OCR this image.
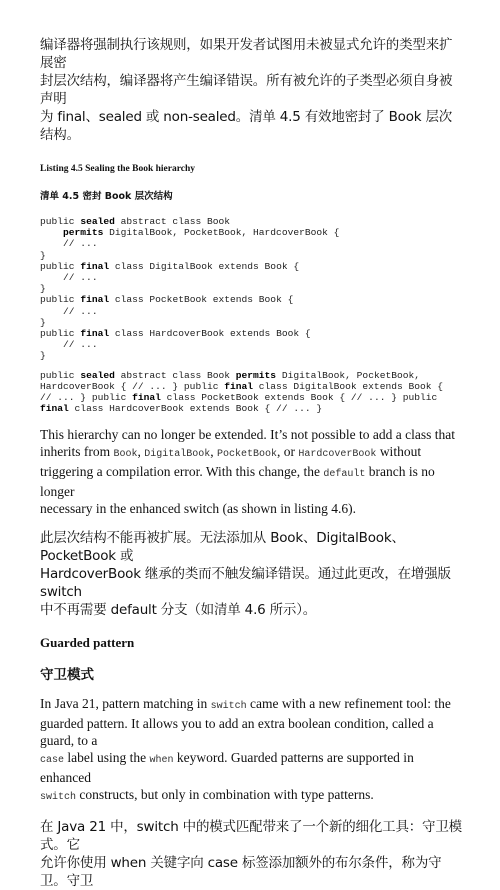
编译器将强制执行该规则，如果开发者试图用未被显式允许的类型来扩展密

封层次结构，编译器将产生编译错误。所有被允许的子类型必须自身被声明

为 final、sealed 或 non-sealed。清单 4.5 有效地密封了 Book 层次结构。

Listing 4.5 Sealing the Book hierarchy

清单 4.5 密封 Book 层次结构

public sealed abstract class Book
permits DigitalBook, PocketBook, HardcoverBook {
// ...
}
public final class DigitalBook extends Book {
// ...
}
public final class PocketBook extends Book {
// ...
}
public final class HardcoverBook extends Book {
// ...
}
public sealed abstract class Book permits DigitalBook, PocketBook,
HardcoverBook { // ... } public final class DigitalBook extends Book {
// ... } public final class PocketBook extends Book { // ... } public
final class HardcoverBook extends Book { // ... }

This hierarchy can no longer be extended. It’s not possible to add a class that

inherits from Book, DigitalBook, PocketBook, or HardcoverBook without

triggering a compilation error. With this change, the default branch is no longer

necessary in the enhanced switch (as shown in listing 4.6).

此层次结构不能再被扩展。无法添加从 Book、DigitalBook、PocketBook 或

HardcoverBook 继承的类而不触发编译错误。通过此更改，在增强版 switch

中不再需要 default 分支（如清单 4.6 所示）。

Guarded pattern

守卫模式

In Java 21, pattern matching in switch came with a new refinement tool: the

guarded pattern. It allows you to add an extra boolean condition, called a guard, to a

case label using the when keyword. Guarded patterns are supported in enhanced

switch constructs, but only in combination with type patterns.

在 Java 21 中，switch 中的模式匹配带来了一个新的细化工具：守卫模式。它

允许你使用 when 关键字向 case 标签添加额外的布尔条件，称为守卫。守卫
